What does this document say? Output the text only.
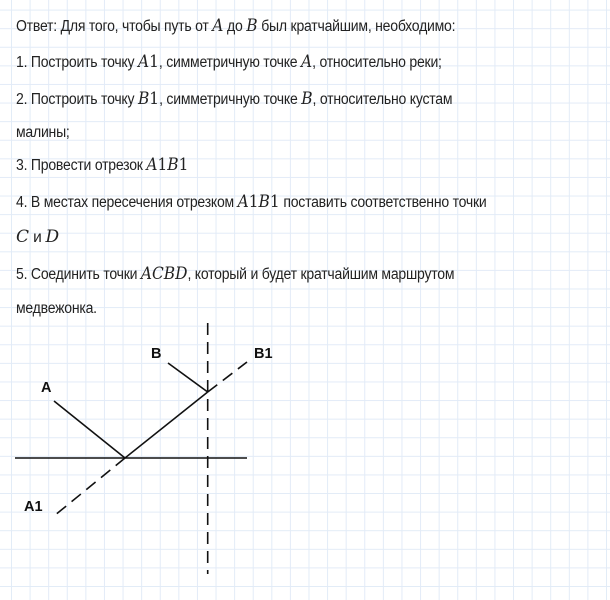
Ответ: Для того, чтобы путь от A до B был кратчайшим, необходимо:
1. Построить точку A1, симметричную точке A, относительно реки;
2. Построить точку B1, симметричную точке B, относительно кустам
малины;
3. Провести отрезок A1B1
4. В местах пересечения отрезком A1B1 поставить соответственно точки
C и D
5. Соединить точки ACBD, который и будет кратчайшим маршрутом
медвежонка.
A
B	B1
A1
